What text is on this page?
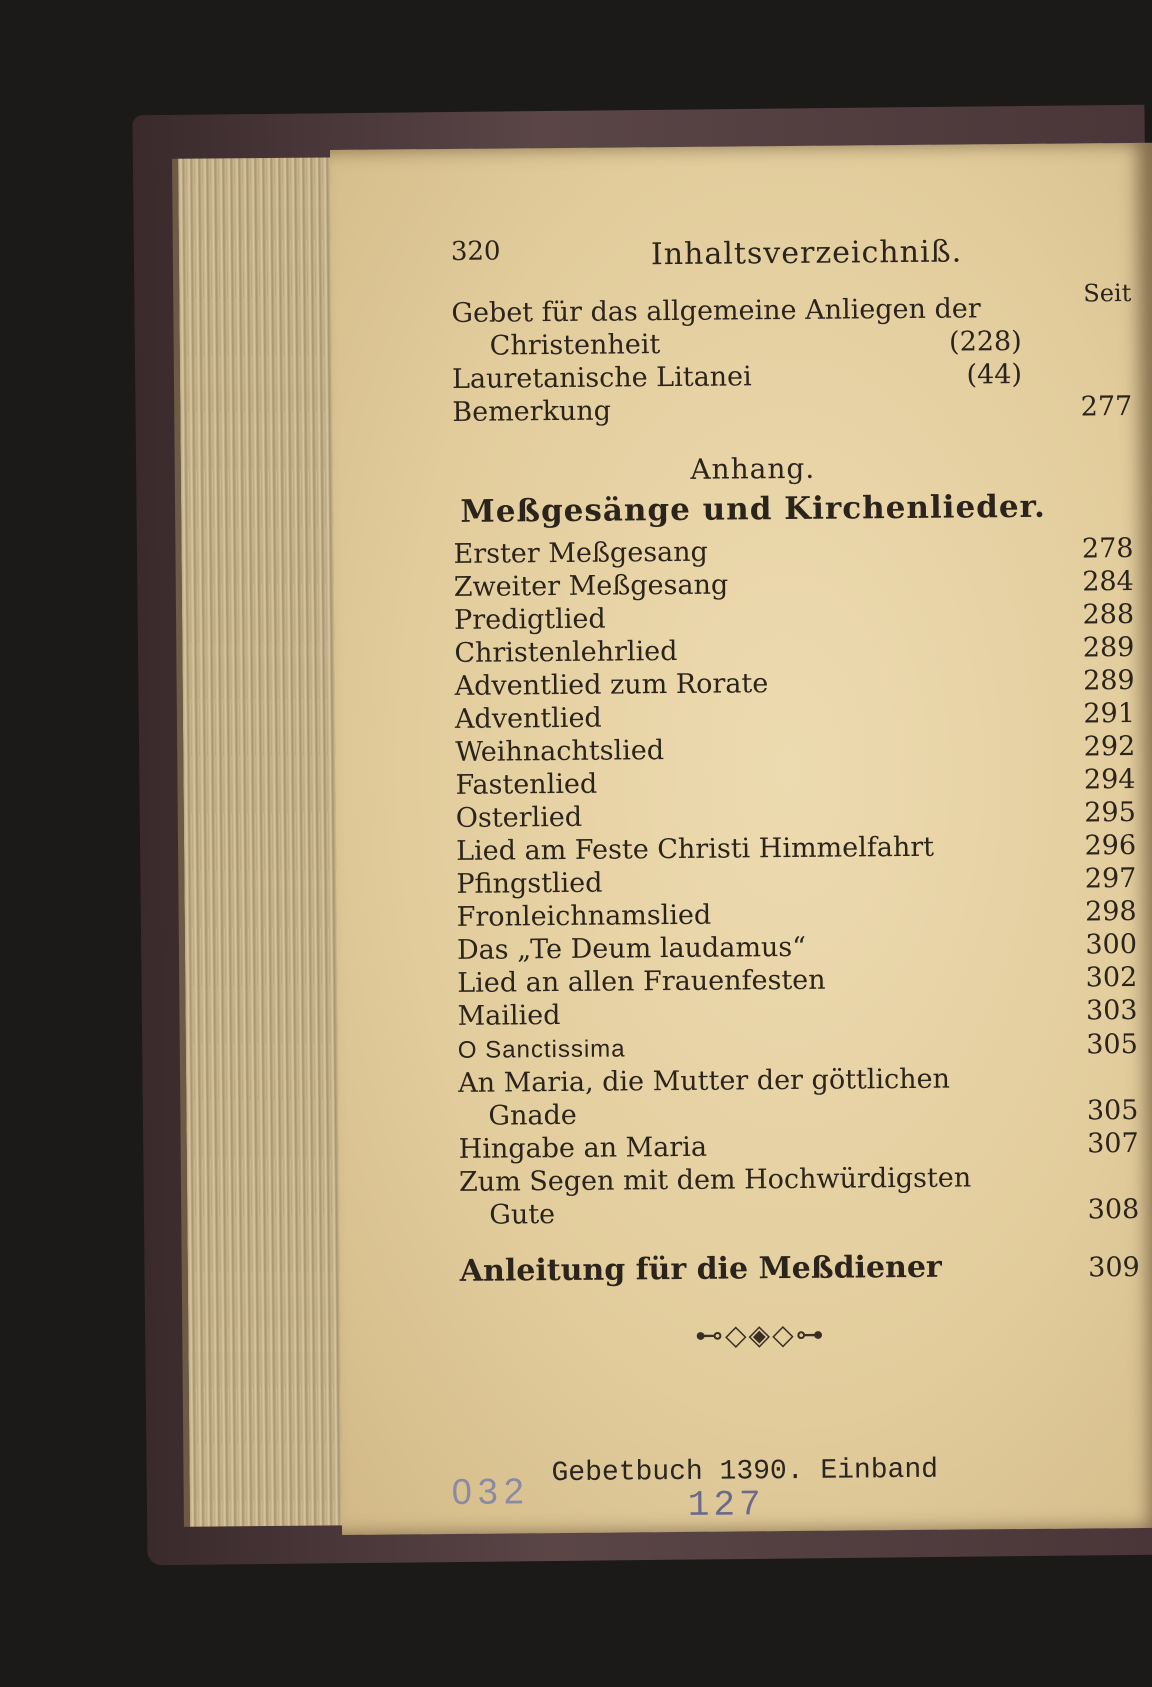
320	Inhaltsverzeichniß.
Seit
Gebet für das allgemeine Anliegen der
Christenheit	(228)
Lauretanische Litanei	(44)
Bemerkung	277
Anhang.
Meßgesänge und Kirchenlieder.
Erster Meßgesang	278
Zweiter Meßgesang	284
Predigtlied	288
Christenlehrlied	289
Adventlied zum Rorate	289
Adventlied	291
Weihnachtslied	292
Fastenlied	294
Osterlied	295
Lied am Feste Christi Himmelfahrt	296
Pfingstlied	297
Fronleichnamslied	298
Das „Te Deum laudamus“	300
Lied an allen Frauenfesten	302
Mailied	303
O Sanctissima	305
An Maria, die Mutter der göttlichen
Gnade	305
Hingabe an Maria	307
Zum Segen mit dem Hochwürdigsten
Gute	308
Anleitung für die Meßdiener	309
⊷◇◈◇⊶
Gebetbuch 1390. Einband
032	127
